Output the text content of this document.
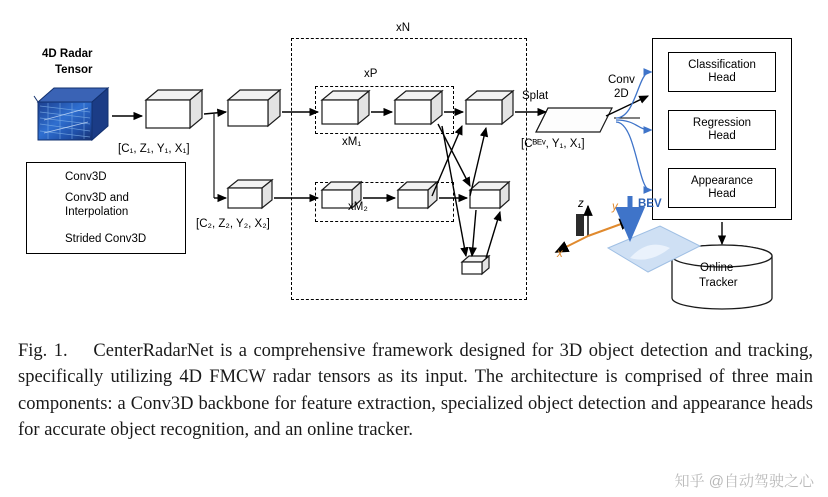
4D Radar
Tensor
[C₁, Z₁, Y₁, X₁]
[C₂, Z₂, Y₂, X₂]
[Cᴮᴱᵛ, Y₁, X₁]
xN
xP
xM₁
xM₂
Splat
Conv
2D
BEV
z y
x
Conv3D
Conv3D and Interpolation
Strided Conv3D
Classification
Head
Regression
Head
Appearance
Head
Online
Tracker
Fig. 1. CenterRadarNet is a comprehensive framework designed for 3D object detection and tracking, specifically utilizing 4D FMCW radar tensors as its input. The architecture is comprised of three main components: a Conv3D backbone for feature extraction, specialized object detection and appearance heads for accurate object recognition, and an online tracker.
知乎 @自动驾驶之心
